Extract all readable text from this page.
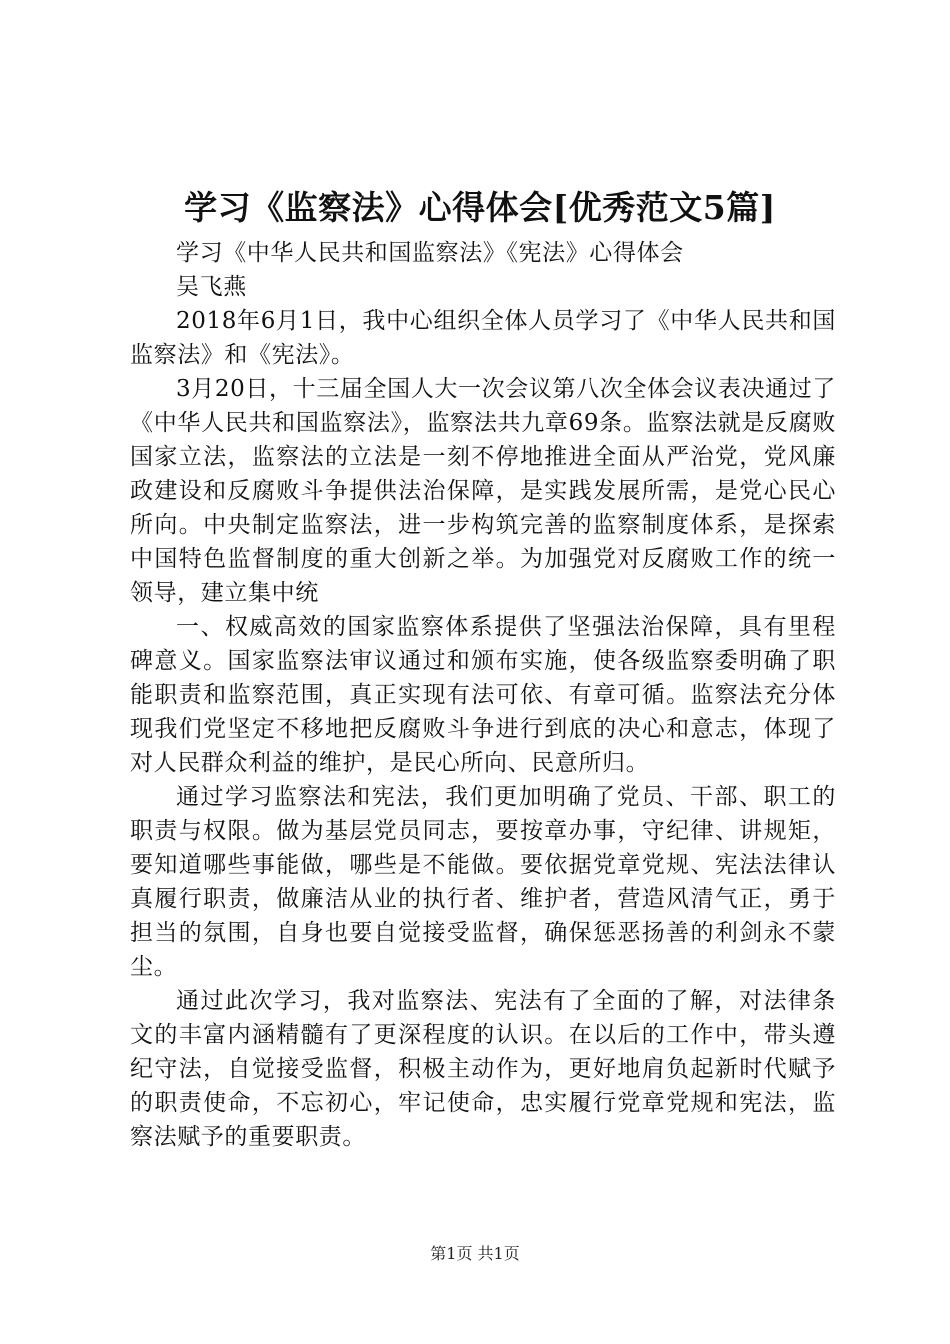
学习《监察法》心得体会[优秀范文5篇]

学习《中华人民共和国监察法》《宪法》心得体会

吴飞燕

2018年6月1日，我中心组织全体人员学习了《中华人民共和国监察法》和《宪法》。

3月20日，十三届全国人大一次会议第八次全体会议表决通过了《中华人民共和国监察法》，监察法共九章69条。监察法就是反腐败国家立法，监察法的立法是一刻不停地推进全面从严治党，党风廉政建设和反腐败斗争提供法治保障，是实践发展所需，是党心民心所向。中央制定监察法，进一步构筑完善的监察制度体系，是探索中国特色监督制度的重大创新之举。为加强党对反腐败工作的统一领导，建立集中统

一、权威高效的国家监察体系提供了坚强法治保障，具有里程碑意义。国家监察法审议通过和颁布实施，使各级监察委明确了职能职责和监察范围，真正实现有法可依、有章可循。监察法充分体现我们党坚定不移地把反腐败斗争进行到底的决心和意志，体现了对人民群众利益的维护，是民心所向、民意所归。

通过学习监察法和宪法，我们更加明确了党员、干部、职工的职责与权限。做为基层党员同志，要按章办事，守纪律、讲规矩，要知道哪些事能做，哪些是不能做。要依据党章党规、宪法法律认真履行职责，做廉洁从业的执行者、维护者，营造风清气正，勇于担当的氛围，自身也要自觉接受监督，确保惩恶扬善的利剑永不蒙尘。

通过此次学习，我对监察法、宪法有了全面的了解，对法律条文的丰富内涵精髓有了更深程度的认识。在以后的工作中，带头遵纪守法，自觉接受监督，积极主动作为，更好地肩负起新时代赋予的职责使命，不忘初心，牢记使命，忠实履行党章党规和宪法，监察法赋予的重要职责。

第1页 共1页
